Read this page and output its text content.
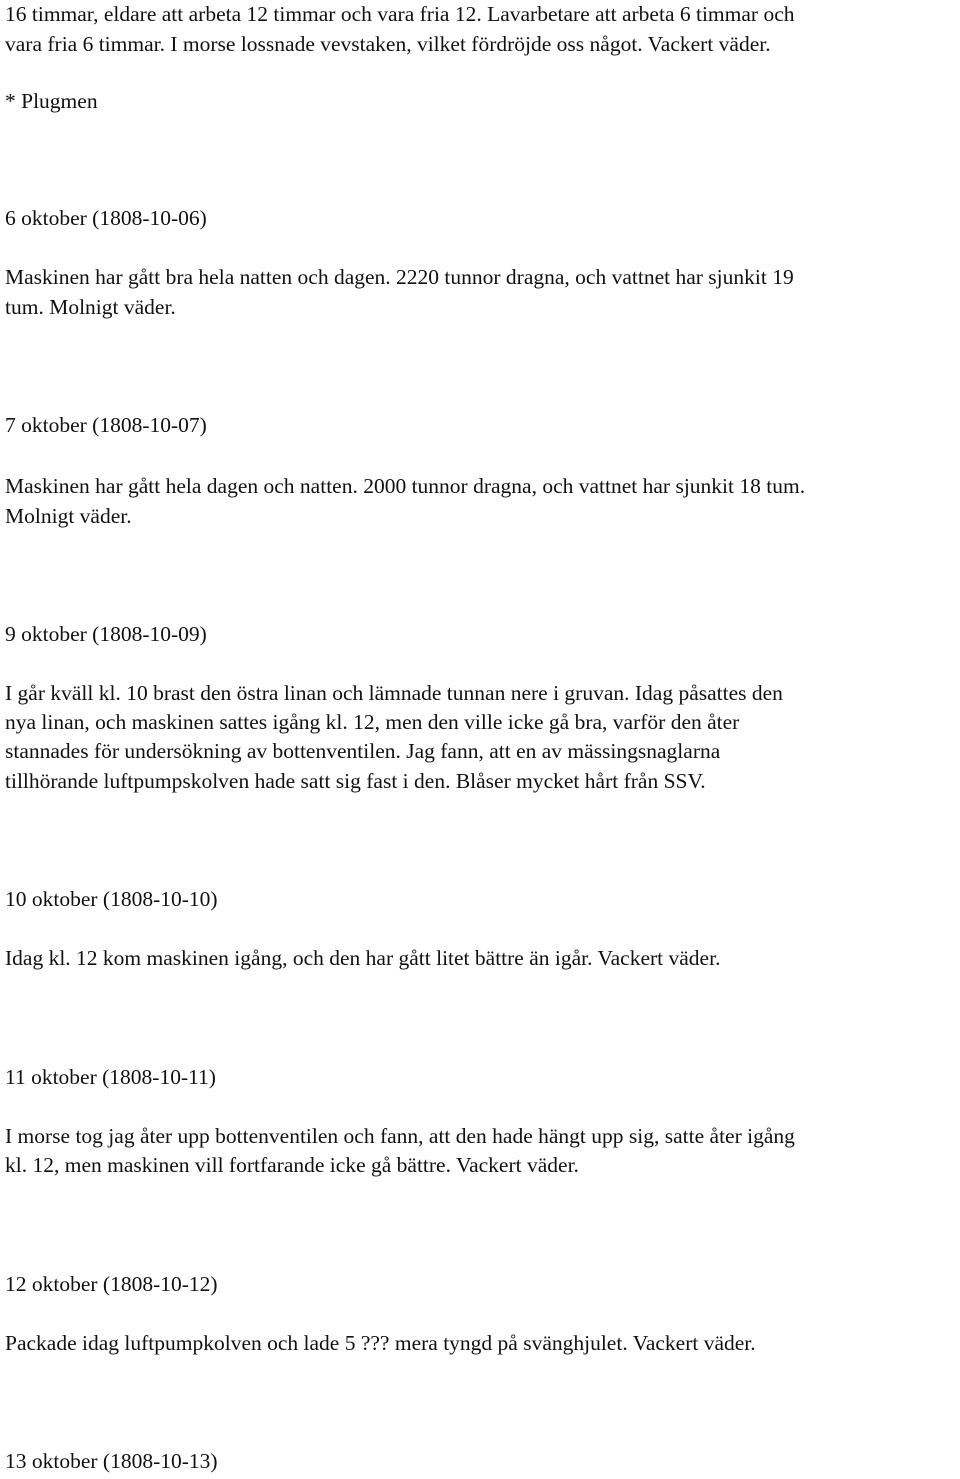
16 timmar, eldare att arbeta 12 timmar och vara fria 12. Lavarbetare att arbeta 6 timmar och

vara fria 6 timmar. I morse lossnade vevstaken, vilket fördröjde oss något. Vackert väder.

* Plugmen

6 oktober (1808-10-06)

Maskinen har gått bra hela natten och dagen. 2220 tunnor dragna, och vattnet har sjunkit 19

tum. Molnigt väder.

7 oktober (1808-10-07)

Maskinen har gått hela dagen och natten. 2000 tunnor dragna, och vattnet har sjunkit 18 tum.

Molnigt väder.

9 oktober (1808-10-09)

I går kväll kl. 10 brast den östra linan och lämnade tunnan nere i gruvan. Idag påsattes den

nya linan, och maskinen sattes igång kl. 12, men den ville icke gå bra, varför den åter

stannades för undersökning av bottenventilen. Jag fann, att en av mässingsnaglarna

tillhörande luftpumpskolven hade satt sig fast i den. Blåser mycket hårt från SSV.

10 oktober (1808-10-10)

Idag kl. 12 kom maskinen igång, och den har gått litet bättre än igår. Vackert väder.

11 oktober (1808-10-11)

I morse tog jag åter upp bottenventilen och fann, att den hade hängt upp sig, satte åter igång

kl. 12, men maskinen vill fortfarande icke gå bättre. Vackert väder.

12 oktober (1808-10-12)

Packade idag luftpumpkolven och lade 5 ??? mera tyngd på svänghjulet. Vackert väder.

13 oktober (1808-10-13)
